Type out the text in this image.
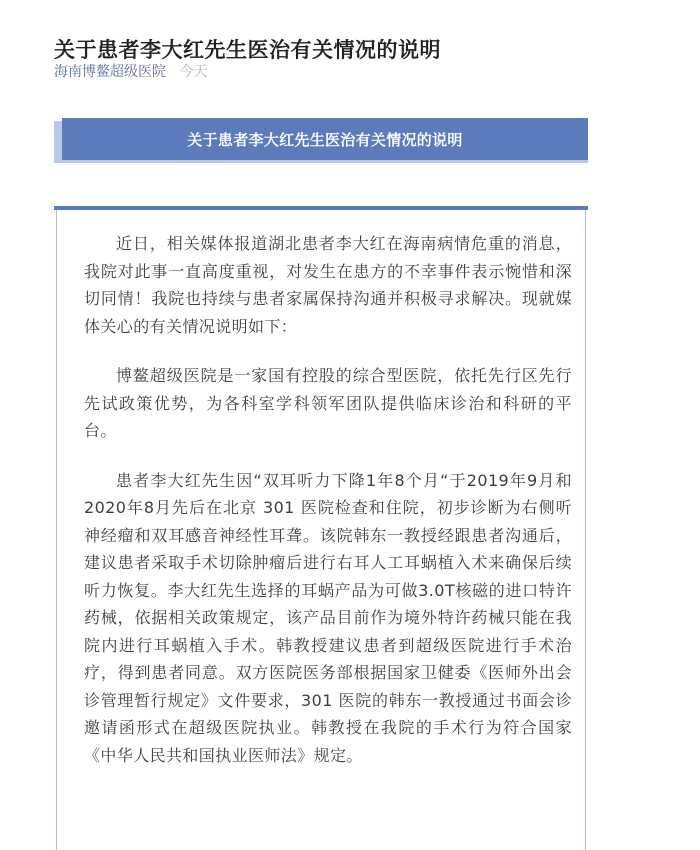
关于患者李大红先生医治有关情况的说明
海南博鳌超级医院 今天
关于患者李大红先生医治有关情况的说明

近日，相关媒体报道湖北患者李大红在海南病情危重的消息，我院对此事一直高度重视，对发生在患方的不幸事件表示惋惜和深切同情！我院也持续与患者家属保持沟通并积极寻求解决。现就媒体关心的有关情况说明如下：

博鳌超级医院是一家国有控股的综合型医院，依托先行区先行先试政策优势，为各科室学科领军团队提供临床诊治和科研的平台。

患者李大红先生因“双耳听力下降1年8个月“于2019年9月和2020年8月先后在北京 301 医院检查和住院，初步诊断为右侧听神经瘤和双耳感音神经性耳聋。该院韩东一教授经跟患者沟通后，建议患者采取手术切除肿瘤后进行右耳人工耳蜗植入术来确保后续听力恢复。李大红先生选择的耳蜗产品为可做3.0T核磁的进口特许药械，依据相关政策规定，该产品目前作为境外特许药械只能在我院内进行耳蜗植入手术。韩教授建议患者到超级医院进行手术治疗，得到患者同意。双方医院医务部根据国家卫健委《医师外出会诊管理暂行规定》文件要求，301 医院的韩东一教授通过书面会诊邀请函形式在超级医院执业。韩教授在我院的手术行为符合国家《中华人民共和国执业医师法》规定。
